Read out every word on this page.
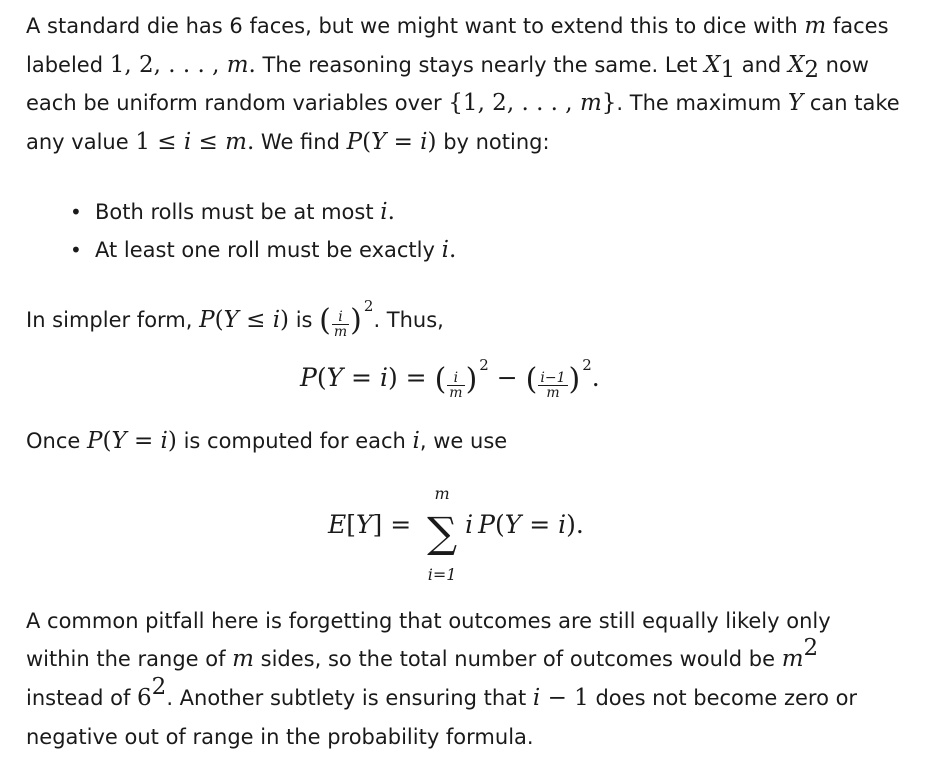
A standard die has 6 faces, but we might want to extend this to dice with m faces
labeled 1, 2, . . . , m. The reasoning stays nearly the same. Let $X_1$ and $X_2$ now
each be uniform random variables over {1, 2, . . . , m}. The maximum Y can take
any value 1 ≤ i ≤ m. We find P(Y = i) by noting:
• Both rolls must be at most i.
• At least one roll must be exactly i.
In simpler form, P(Y ≤ i) is ( $\frac{i}{m}$ ) $^2$. Thus,
P(Y = i) = ( $\frac{i}{m}$ ) $^2$ − ( $\frac{i-1}{m}$ ) $^2$.
Once P(Y = i) is computed for each i, we use
E[Y] =
m
∑
i=1
i  P(Y = i).
A common pitfall here is forgetting that outcomes are still equally likely only
within the range of m sides, so the total number of outcomes would be $m^2$
instead of $6^2$. Another subtlety is ensuring that i − 1 does not become zero or
negative out of range in the probability formula.
